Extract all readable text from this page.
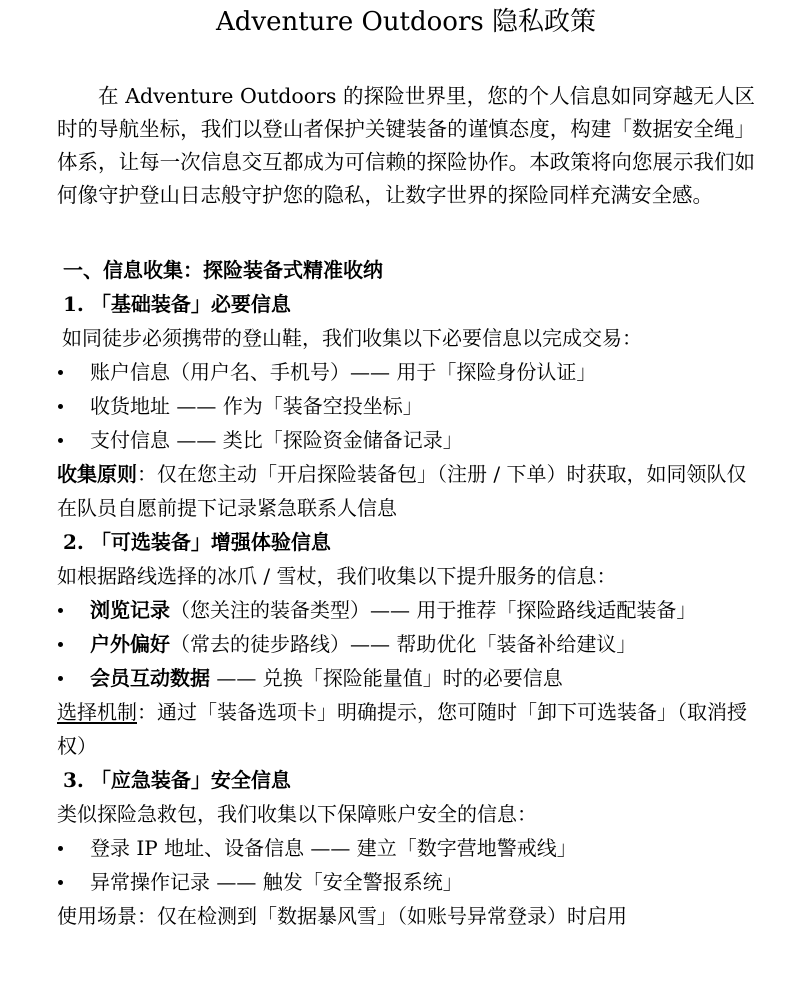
Adventure Outdoors 隐私政策

在 Adventure Outdoors 的探险世界里，您的个人信息如同穿越无人区时的导航坐标，我们以登山者保护关键装备的谨慎态度，构建「数据安全绳」体系，让每一次信息交互都成为可信赖的探险协作。本政策将向您展示我们如何像守护登山日志般守护您的隐私，让数字世界的探险同样充满安全感。

一、信息收集：探险装备式精准收纳
1. 「基础装备」必要信息
如同徒步必须携带的登山鞋，我们收集以下必要信息以完成交易：
账户信息（用户名、手机号）—— 用于「探险身份认证」
收货地址 —— 作为「装备空投坐标」
支付信息 —— 类比「探险资金储备记录」

收集原则：仅在您主动「开启探险装备包」（注册 / 下单）时获取，如同领队仅在队员自愿前提下记录紧急联系人信息

2. 「可选装备」增强体验信息
如根据路线选择的冰爪 / 雪杖，我们收集以下提升服务的信息：
浏览记录（您关注的装备类型）—— 用于推荐「探险路线适配装备」
户外偏好（常去的徒步路线）—— 帮助优化「装备补给建议」
会员互动数据 —— 兑换「探险能量值」时的必要信息

选择机制：通过「装备选项卡」明确提示，您可随时「卸下可选装备」（取消授权）

3. 「应急装备」安全信息
类似探险急救包，我们收集以下保障账户安全的信息：
登录 IP 地址、设备信息 —— 建立「数字营地警戒线」
异常操作记录 —— 触发「安全警报系统」

使用场景：仅在检测到「数据暴风雪」（如账号异常登录）时启用
